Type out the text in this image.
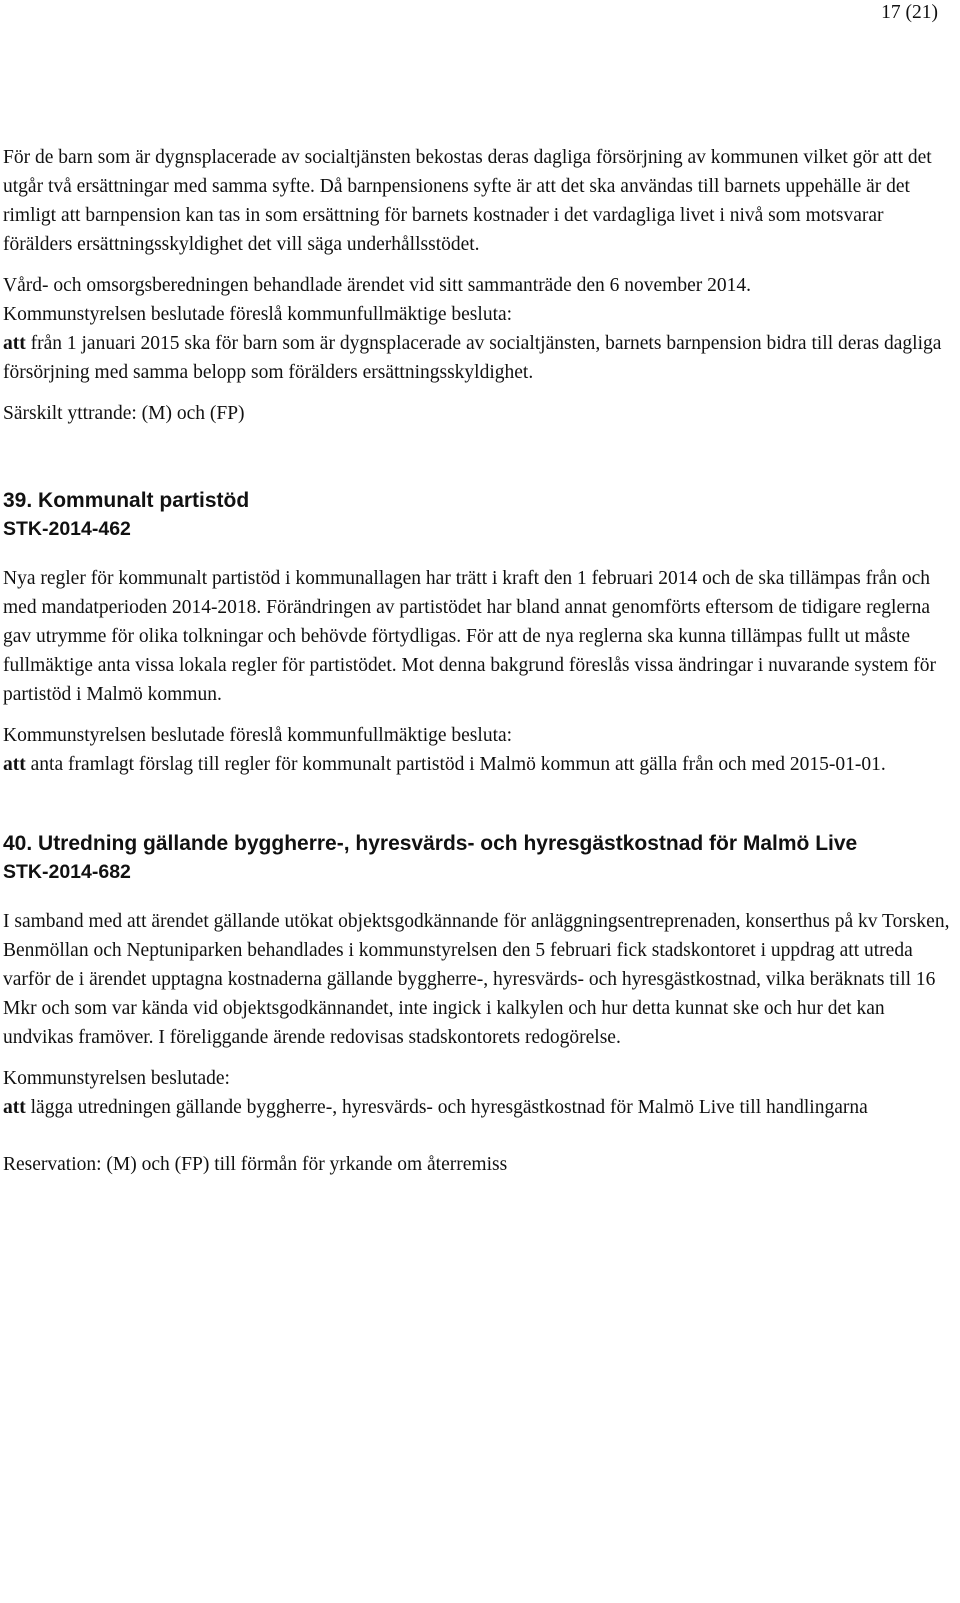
17 (21)

För de barn som är dygnsplacerade av socialtjänsten bekostas deras dagliga försörjning av kommunen vilket gör att det utgår två ersättningar med samma syfte. Då barnpensionens syfte är att det ska användas till barnets uppehälle är det rimligt att barnpension kan tas in som ersättning för barnets kostnader i det vardagliga livet i nivå som motsvarar förälders ersättningsskyldighet det vill säga underhållsstödet.

Vård- och omsorgsberedningen behandlade ärendet vid sitt sammanträde den 6 november 2014.

Kommunstyrelsen beslutade föreslå kommunfullmäktige besluta:

att från 1 januari 2015 ska för barn som är dygnsplacerade av socialtjänsten, barnets barnpension bidra till deras dagliga försörjning med samma belopp som förälders ersättningsskyldighet.

Särskilt yttrande: (M) och (FP)

39. Kommunalt partistöd
STK-2014-462

Nya regler för kommunalt partistöd i kommunallagen har trätt i kraft den 1 februari 2014 och de ska tillämpas från och med mandatperioden 2014-2018. Förändringen av partistödet har bland annat genomförts eftersom de tidigare reglerna gav utrymme för olika tolkningar och behövde förtydligas. För att de nya reglerna ska kunna tillämpas fullt ut måste fullmäktige anta vissa lokala regler för partistödet. Mot denna bakgrund föreslås vissa ändringar i nuvarande system för partistöd i Malmö kommun.

Kommunstyrelsen beslutade föreslå kommunfullmäktige besluta:

att anta framlagt förslag till regler för kommunalt partistöd i Malmö kommun att gälla från och med 2015-01-01.

40. Utredning gällande byggherre-, hyresvärds- och hyresgästkostnad för Malmö Live
STK-2014-682

I samband med att ärendet gällande utökat objektsgodkännande för anläggningsentreprenaden, konserthus på kv Torsken, Benmöllan och Neptuniparken behandlades i kommunstyrelsen den 5 februari fick stadskontoret i uppdrag att utreda varför de i ärendet upptagna kostnaderna gällande byggherre-, hyresvärds- och hyresgästkostnad, vilka beräknats till 16 Mkr och som var kända vid objektsgodkännandet, inte ingick i kalkylen och hur detta kunnat ske och hur det kan undvikas framöver. I föreliggande ärende redovisas stadskontorets redogörelse.

Kommunstyrelsen beslutade:

att lägga utredningen gällande byggherre-, hyresvärds- och hyresgästkostnad för Malmö Live till handlingarna

Reservation: (M) och (FP) till förmån för yrkande om återremiss
